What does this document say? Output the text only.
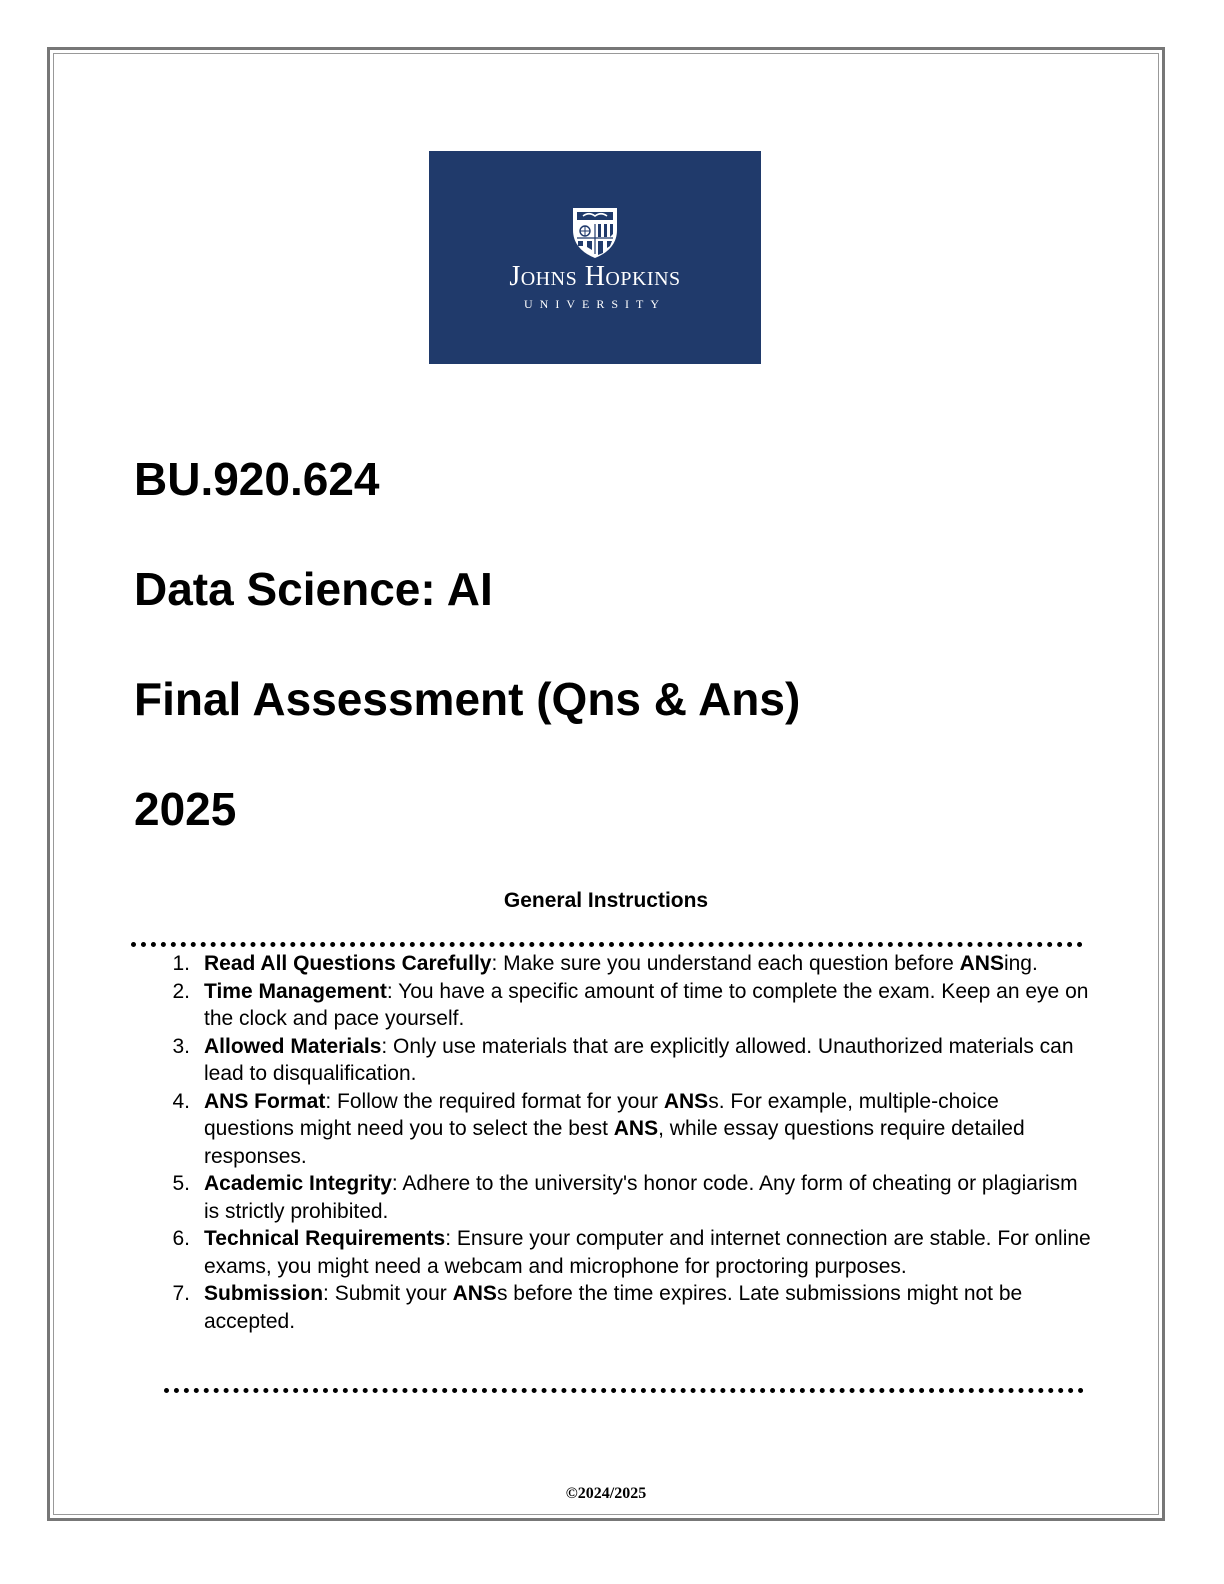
Johns Hopkins
UNIVERSITY
BU.920.624
Data Science: AI
Final Assessment (Qns & Ans)
2025
General Instructions
1. Read All Questions Carefully: Make sure you understand each question before ANSing.
2. Time Management: You have a specific amount of time to complete the exam. Keep an eye on the clock and pace yourself.
3. Allowed Materials: Only use materials that are explicitly allowed. Unauthorized materials can lead to disqualification.
4. ANS Format: Follow the required format for your ANSs. For example, multiple-choice questions might need you to select the best ANS, while essay questions require detailed responses.
5. Academic Integrity: Adhere to the university's honor code. Any form of cheating or plagiarism is strictly prohibited.
6. Technical Requirements: Ensure your computer and internet connection are stable. For online exams, you might need a webcam and microphone for proctoring purposes.
7. Submission: Submit your ANSs before the time expires. Late submissions might not be accepted.
©2024/2025
